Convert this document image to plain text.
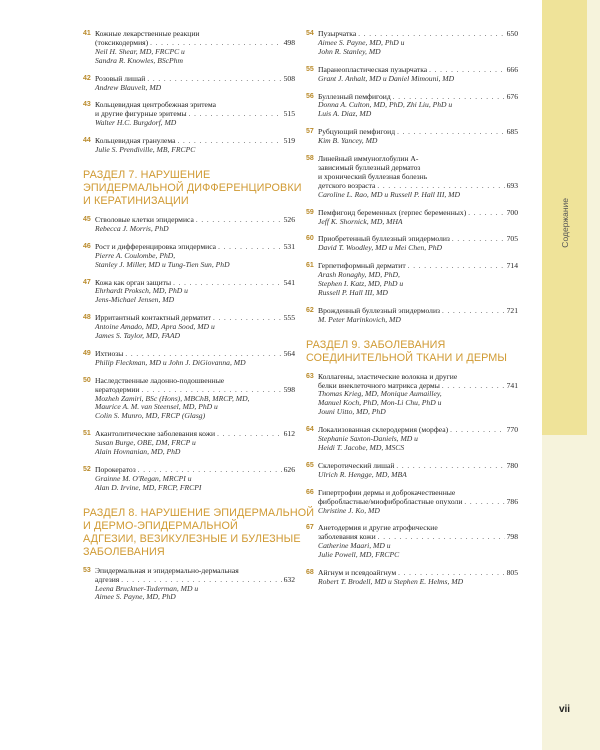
Содержание
vii
41 Кожные лекарственные реакции
(токсикодермия) . . .	498
Neil H. Shear, MD, FRCPC и
Sandra R. Knowles, BScPhm
42 Розовый лишай . . .	508
Andrew Blauvelt, MD
43 Кольцевидная центробежная эритема
и другие фигурные эритемы . . .	515
Walter H.C. Burgdorf, MD
44 Кольцевидная гранулема . . .	519
Julie S. Prendiville, MB, FRCPC
РАЗДЕЛ 7. НАРУШЕНИЕ
ЭПИДЕРМАЛЬНОЙ ДИФФЕРЕНЦИРОВКИ
И КЕРАТИНИЗАЦИИ
45 Стволовые клетки эпидермиса . . .	526
Rebecca J. Morris, PhD
46 Рост и дифференцировка эпидермиса . . .	531
Pierre A. Coulombe, PhD,
Stanley J. Miller, MD и Tung-Tien Sun, PhD
47 Кожа как орган защиты . . .	541
Ehrhardt Proksch, MD, PhD и
Jens-Michael Jensen, MD
48 Ирритантный контактный дерматит . . .	555
Antoine Amado, MD, Apra Sood, MD и
James S. Taylor, MD, FAAD
49 Ихтиозы . . .	564
Philip Fleckman, MD и John J. DiGiovanna, MD
50 Наследственные ладонно-подошвенные
кератодермии . . .	598
Mozheh Zamiri, BSc (Hons), MBChB, MRCP, MD,
Maurice A. M. van Steensel, MD, PhD и
Colin S. Munro, MD, FRCP (Glasg)
51 Акантолитические заболевания кожи . . .	612
Susan Burge, OBE, DM, FRCP и
Alain Hovnanian, MD, PhD
52 Порокератоз . . .	626
Grainne M. O'Regan, MRCPI и
Alan D. Irvine, MD, FRCP, FRCPI
РАЗДЕЛ 8. НАРУШЕНИЕ ЭПИДЕРМАЛЬНОЙ
И ДЕРМО-ЭПИДЕРМАЛЬНОЙ
АДГЕЗИИ, ВЕЗИКУЛЕЗНЫЕ И БУЛЕЗНЫЕ
ЗАБОЛЕВАНИЯ
53 Эпидермальная и эпидермально-дермальная
адгезия . . .	632
Leena Bruckner-Tuderman, MD и
Aimee S. Payne, MD, PhD
54 Пузырчатка . . .	650
Aimee S. Payne, MD, PhD и
John R. Stanley, MD
55 Паранеопластическая пузырчатка . . .	666
Grant J. Anhalt, MD и Daniel Mimouni, MD
56 Буллезный пемфигоид . . .	676
Donna A. Culton, MD, PhD, Zhi Liu, PhD и
Luis A. Diaz, MD
57 Рубцующий пемфигоид . . .	685
Kim B. Yancey, MD
58 Линейный иммуноглобулин А-
зависимый буллезный дерматоз
и хронический буллезная болезнь
детского возраста . . .	693
Caroline L. Rao, MD и Russell P. Hall III, MD
59 Пемфигоид беременных (герпес беременных) . . .	700
Jeff K. Shornick, MD, MHA
60 Приобретенный буллезный эпидермолиз . . .	705
David T. Woodley, MD и Mei Chen, PhD
61 Герпетиформный дерматит . . .	714
Arash Ronaghy, MD, PhD,
Stephen I. Katz, MD, PhD и
Russell P. Hall III, MD
62 Врожденный буллезный эпидермолиз . . .	721
M. Peter Marinkovich, MD
РАЗДЕЛ 9. ЗАБОЛЕВАНИЯ
СОЕДИНИТЕЛЬНОЙ ТКАНИ И ДЕРМЫ
63 Коллагены, эластические волокна и другие
белки внеклеточного матрикса дермы . . .	741
Thomas Krieg, MD, Monique Aumailley,
Manuel Koch, PhD, Mon-Li Chu, PhD и
Jouni Uitto, MD, PhD
64 Локализованная склеродермия (морфеа) . . .	770
Stephanie Saxton-Daniels, MD и
Heidi T. Jacobe, MD, MSCS
65 Склеротический лишай . . .	780
Ulrich R. Hengge, MD, MBA
66 Гипертрофии дермы и доброкачественные
фибробластные/миофибробластные опухоли . . .	786
Christine J. Ko, MD
67 Анетодермия и другие атрофические
заболевания кожи . . .	798
Catherine Maari, MD и
Julie Powell, MD, FRCPC
68 Айгнум и псевдоайгнум . . .	805
Robert T. Brodell, MD и Stephen E. Helms, MD
